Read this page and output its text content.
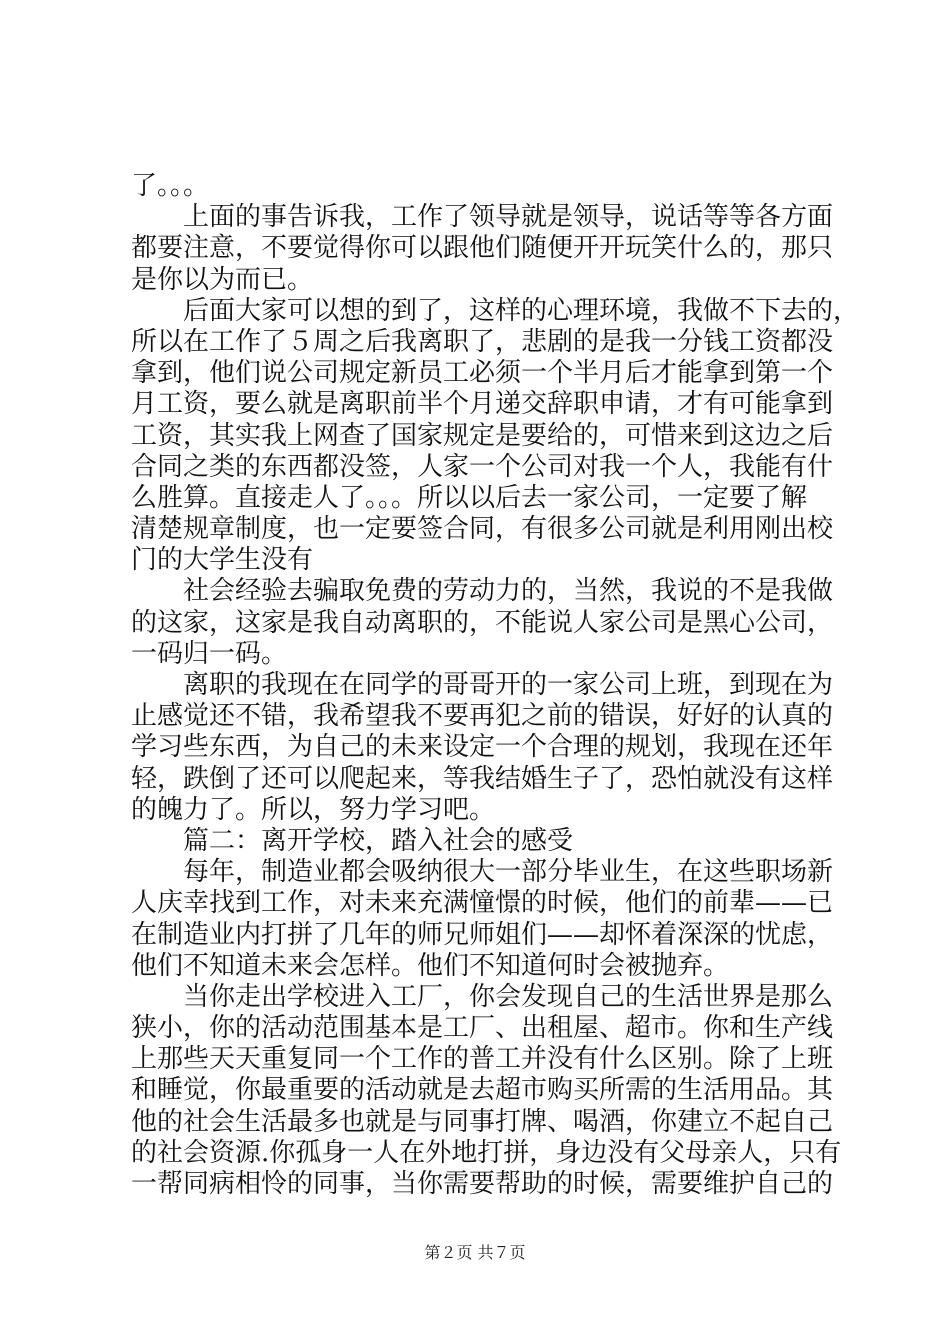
了。。。
上面的事告诉我，工作了领导就是领导，说话等等各方面
都要注意，不要觉得你可以跟他们随便开开玩笑什么的，那只
是你以为而已。
后面大家可以想的到了，这样的心理环境，我做不下去的，
所以在工作了５周之后我离职了，悲剧的是我一分钱工资都没
拿到，他们说公司规定新员工必须一个半月后才能拿到第一个
月工资，要么就是离职前半个月递交辞职申请，才有可能拿到
工资，其实我上网查了国家规定是要给的，可惜来到这边之后
合同之类的东西都没签，人家一个公司对我一个人，我能有什
么胜算。直接走人了。。。所以以后去一家公司，一定要了解
清楚规章制度，也一定要签合同，有很多公司就是利用刚出校
门的大学生没有
社会经验去骗取免费的劳动力的，当然，我说的不是我做
的这家，这家是我自动离职的，不能说人家公司是黑心公司，
一码归一码。
离职的我现在在同学的哥哥开的一家公司上班，到现在为
止感觉还不错，我希望我不要再犯之前的错误，好好的认真的
学习些东西，为自己的未来设定一个合理的规划，我现在还年
轻，跌倒了还可以爬起来，等我结婚生子了，恐怕就没有这样
的魄力了。所以，努力学习吧。
篇二：离开学校，踏入社会的感受
每年，制造业都会吸纳很大一部分毕业生，在这些职场新
人庆幸找到工作，对未来充满憧憬的时候，他们的前辈——已
在制造业内打拼了几年的师兄师姐们——却怀着深深的忧虑，
他们不知道未来会怎样。他们不知道何时会被抛弃。
当你走出学校进入工厂，你会发现自己的生活世界是那么
狭小，你的活动范围基本是工厂、出租屋、超市。你和生产线
上那些天天重复同一个工作的普工并没有什么区别。除了上班
和睡觉，你最重要的活动就是去超市购买所需的生活用品。其
他的社会生活最多也就是与同事打牌、喝酒，你建立不起自己
的社会资源.你孤身一人在外地打拼，身边没有父母亲人，只有
一帮同病相怜的同事，当你需要帮助的时候，需要维护自己的
第２页 共７页
